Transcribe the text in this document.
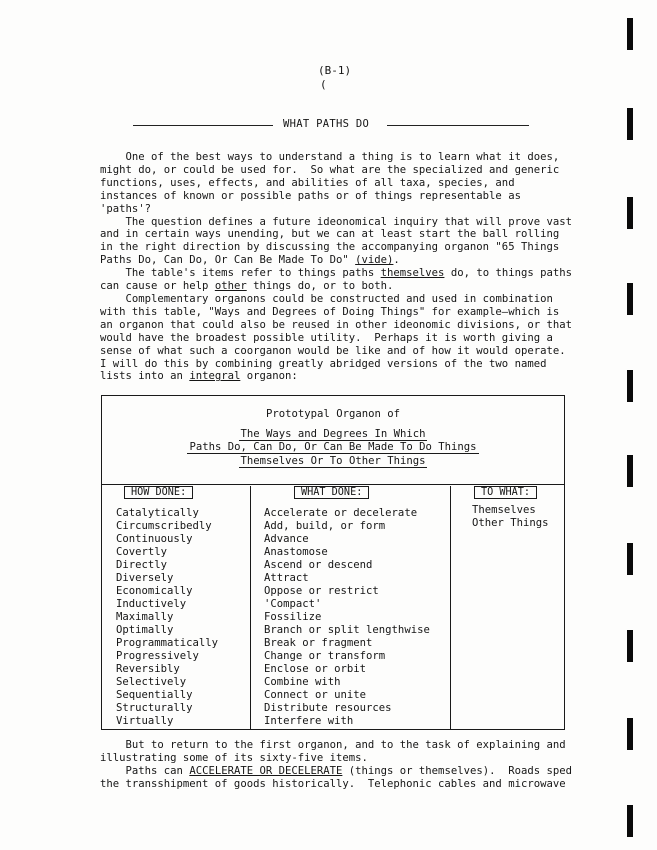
(B-1)
(
WHAT PATHS DO

One of the best ways to understand a thing is to learn what it does,
might do, or could be used for.  So what are the specialized and generic
functions, uses, effects, and abilities of all taxa, species, and
instances of known or possible paths or of things representable as
'paths'?

The question defines a future ideonomical inquiry that will prove vast
and in certain ways unending, but we can at least start the ball rolling
in the right direction by discussing the accompanying organon "65 Things
Paths Do, Can Do, Or Can Be Made To Do" (vide).

The table's items refer to things paths themselves do, to things paths
can cause or help other things do, or to both.

Complementary organons could be constructed and used in combination
with this table, "Ways and Degrees of Doing Things" for example—which is
an organon that could also be reused in other ideonomic divisions, or that
would have the broadest possible utility.  Perhaps it is worth giving a
sense of what such a coorganon would be like and of how it would operate.
I will do this by combining greatly abridged versions of the two named
lists into an integral organon:

Prototypal Organon of
The Ways and Degrees In Which
Paths Do, Can Do, Or Can Be Made To Do Things
Themselves Or To Other Things
HOW DONE:	WHAT DONE:	TO WHAT:
Catalytically
Circumscribedly
Continuously
Covertly
Directly
Diversely
Economically
Inductively
Maximally
Optimally
Programmatically
Progressively
Reversibly
Selectively
Sequentially
Structurally
Virtually
Accelerate or decelerate
Add, build, or form
Advance
Anastomose
Ascend or descend
Attract
Oppose or restrict
'Compact'
Fossilize
Branch or split lengthwise
Break or fragment
Change or transform
Enclose or orbit
Combine with
Connect or unite
Distribute resources
Interfere with
Themselves
Other Things

But to return to the first organon, and to the task of explaining and
illustrating some of its sixty-five items.

Paths can ACCELERATE OR DECELERATE (things or themselves).  Roads sped
the transshipment of goods historically.  Telephonic cables and microwave
